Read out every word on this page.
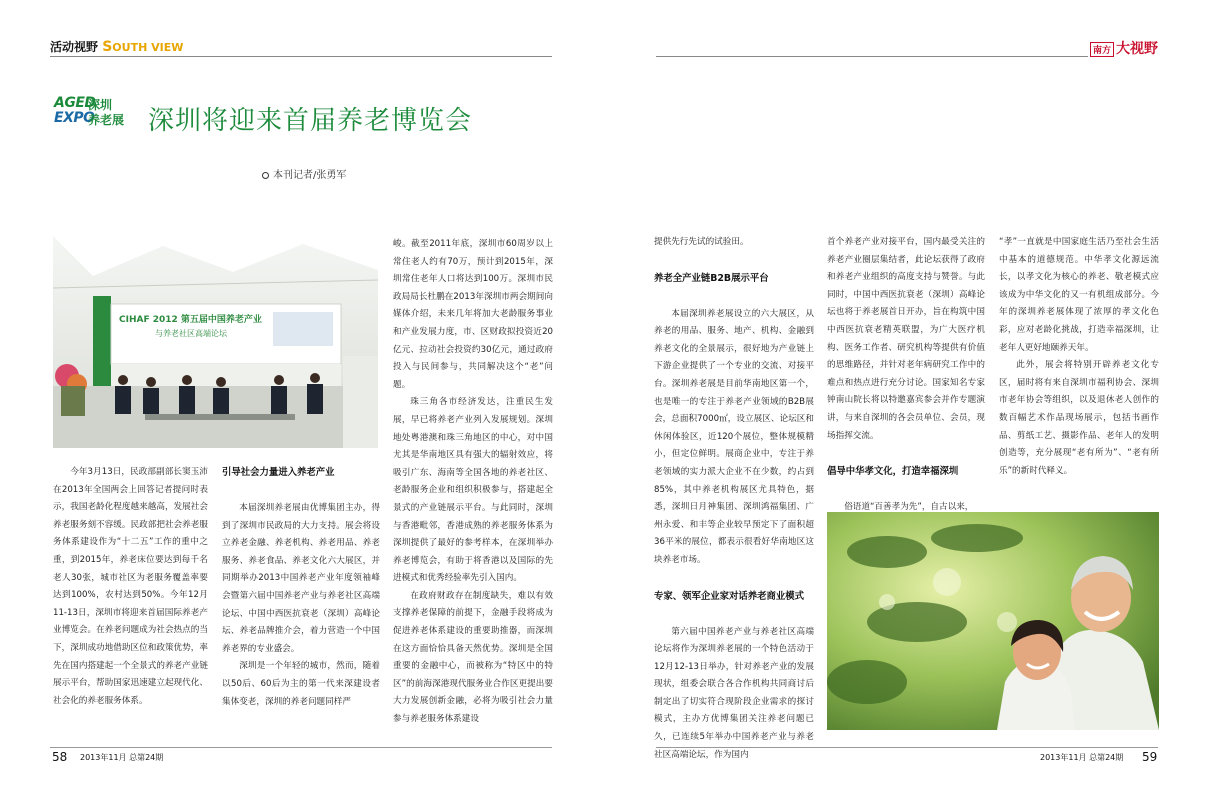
活动视野 SOUTH VIEW	南方 大视野
AGED
EXPO
深圳
养老展 深圳将迎来首届养老博览会
本刊记者/张勇军
CIHAF 2012 第五届中国养老产业
与养老社区高端论坛

今年3月13日，民政部副部长窦玉沛在2013年全国两会上回答记者提问时表示，我国老龄化程度越来越高，发展社会养老服务刻不容缓。民政部把社会养老服务体系建设作为“十二五”工作的重中之重，到2015年，养老床位要达到每千名老人30张，城市社区为老服务覆盖率要达到100%，农村达到50%。今年12月11-13日，深圳市将迎来首届国际养老产业博览会。在养老问题成为社会热点的当下，深圳成功地借助区位和政策优势，率先在国内搭建起一个全景式的养老产业链展示平台，帮助国家迅速建立起现代化、社会化的养老服务体系。

引导社会力量进入养老产业

本届深圳养老展由优博集团主办，得到了深圳市民政局的大力支持。展会将设立养老金融、养老机构、养老用品、养老服务、养老食品、养老文化六大展区，并同期举办2013中国养老产业年度领袖峰会暨第六届中国养老产业与养老社区高端论坛、中国中西医抗衰老（深圳）高峰论坛、养老品牌推介会，着力营造一个中国养老界的专业盛会。

深圳是一个年轻的城市，然而，随着以50后、60后为主的第一代来深建设者集体变老，深圳的养老问题同样严

峻。截至2011年底，深圳市60周岁以上常住老人约有70万，预计到2015年，深圳常住老年人口将达到100万。深圳市民政局局长杜鹏在2013年深圳市两会期间向媒体介绍，未来几年将加大老龄服务事业和产业发展力度，市、区财政拟投资近20亿元、拉动社会投资约30亿元，通过政府投入与民间参与，共同解决这个“老”问题。

珠三角各市经济发达，注重民生发展，早已将养老产业列入发展规划。深圳地处粤港澳和珠三角地区的中心，对中国尤其是华南地区具有强大的辐射效应，将吸引广东、海南等全国各地的养老社区、老龄服务企业和组织积极参与，搭建起全景式的产业链展示平台。与此同时，深圳与香港毗邻，香港成熟的养老服务体系为深圳提供了最好的参考样本，在深圳举办养老博览会，有助于将香港以及国际的先进模式和优秀经验率先引入国内。

在政府财政存在制度缺失，难以有效支撑养老保障的前提下，金融手段将成为促进养老体系建设的重要助推器，而深圳在这方面恰恰具备天然优势。深圳是全国重要的金融中心，而被称为“特区中的特区”的前海深港现代服务业合作区更提出要大力发展创新金融，必将为吸引社会力量参与养老服务体系建设

提供先行先试的试验田。

养老全产业链B2B展示平台

本届深圳养老展设立的六大展区，从养老的用品、服务、地产、机构、金融到养老文化的全景展示，很好地为产业链上下游企业提供了一个专业的交流、对接平台。深圳养老展是目前华南地区第一个，也是唯一的专注于养老产业领域的B2B展会，总面积7000㎡，设立展区、论坛区和休闲体验区，近120个展位，整体规模精小，但定位鲜明。展商企业中，专注于养老领域的实力派大企业不在少数，约占到85%，其中养老机构展区尤具特色，据悉，深圳日月神集团、深圳鸿福集团、广州永爱、和丰等企业较早预定下了面积超36平米的展位，都表示很看好华南地区这块养老市场。

专家、领军企业家对话养老商业模式

第六届中国养老产业与养老社区高端论坛将作为深圳养老展的一个特色活动于12月12-13日举办，针对养老产业的发展现状，组委会联合各合作机构共同商讨后制定出了切实符合现阶段企业需求的探讨模式，主办方优博集团关注养老问题已久，已连续5年举办中国养老产业与养老社区高端论坛，作为国内

首个养老产业对接平台，国内最受关注的养老产业圈层集结者，此论坛获得了政府和养老产业组织的高度支持与赞誉。与此同时，中国中西医抗衰老（深圳）高峰论坛也将于养老展首日开办，旨在构筑中国中西医抗衰老精英联盟，为广大医疗机构、医务工作者、研究机构等提供有价值的思维路径，并针对老年病研究工作中的难点和热点进行充分讨论。国家知名专家钟南山院长将以特邀嘉宾参会并作专题演讲，与来自深圳的各会员单位、会员，现场指挥交流。

倡导中华孝文化，打造幸福深圳

俗语道“百善孝为先”，自古以来，

“孝”一直就是中国家庭生活乃至社会生活中基本的道德规范。中华孝文化源远流长，以孝文化为核心的养老、敬老模式应该成为中华文化的又一有机组成部分。今年的深圳养老展体现了浓厚的孝文化色彩，应对老龄化挑战，打造幸福深圳，让老年人更好地颐养天年。

此外，展会将特别开辟养老文化专区，届时将有来自深圳市福利协会、深圳市老年协会等组织，以及退休老人创作的数百幅艺术作品现场展示，包括书画作品、剪纸工艺、摄影作品、老年人的发明创造等，充分展现“老有所为”、“老有所乐”的新时代释义。

58 2013年11月 总第24期	2013年11月 总第24期 59
